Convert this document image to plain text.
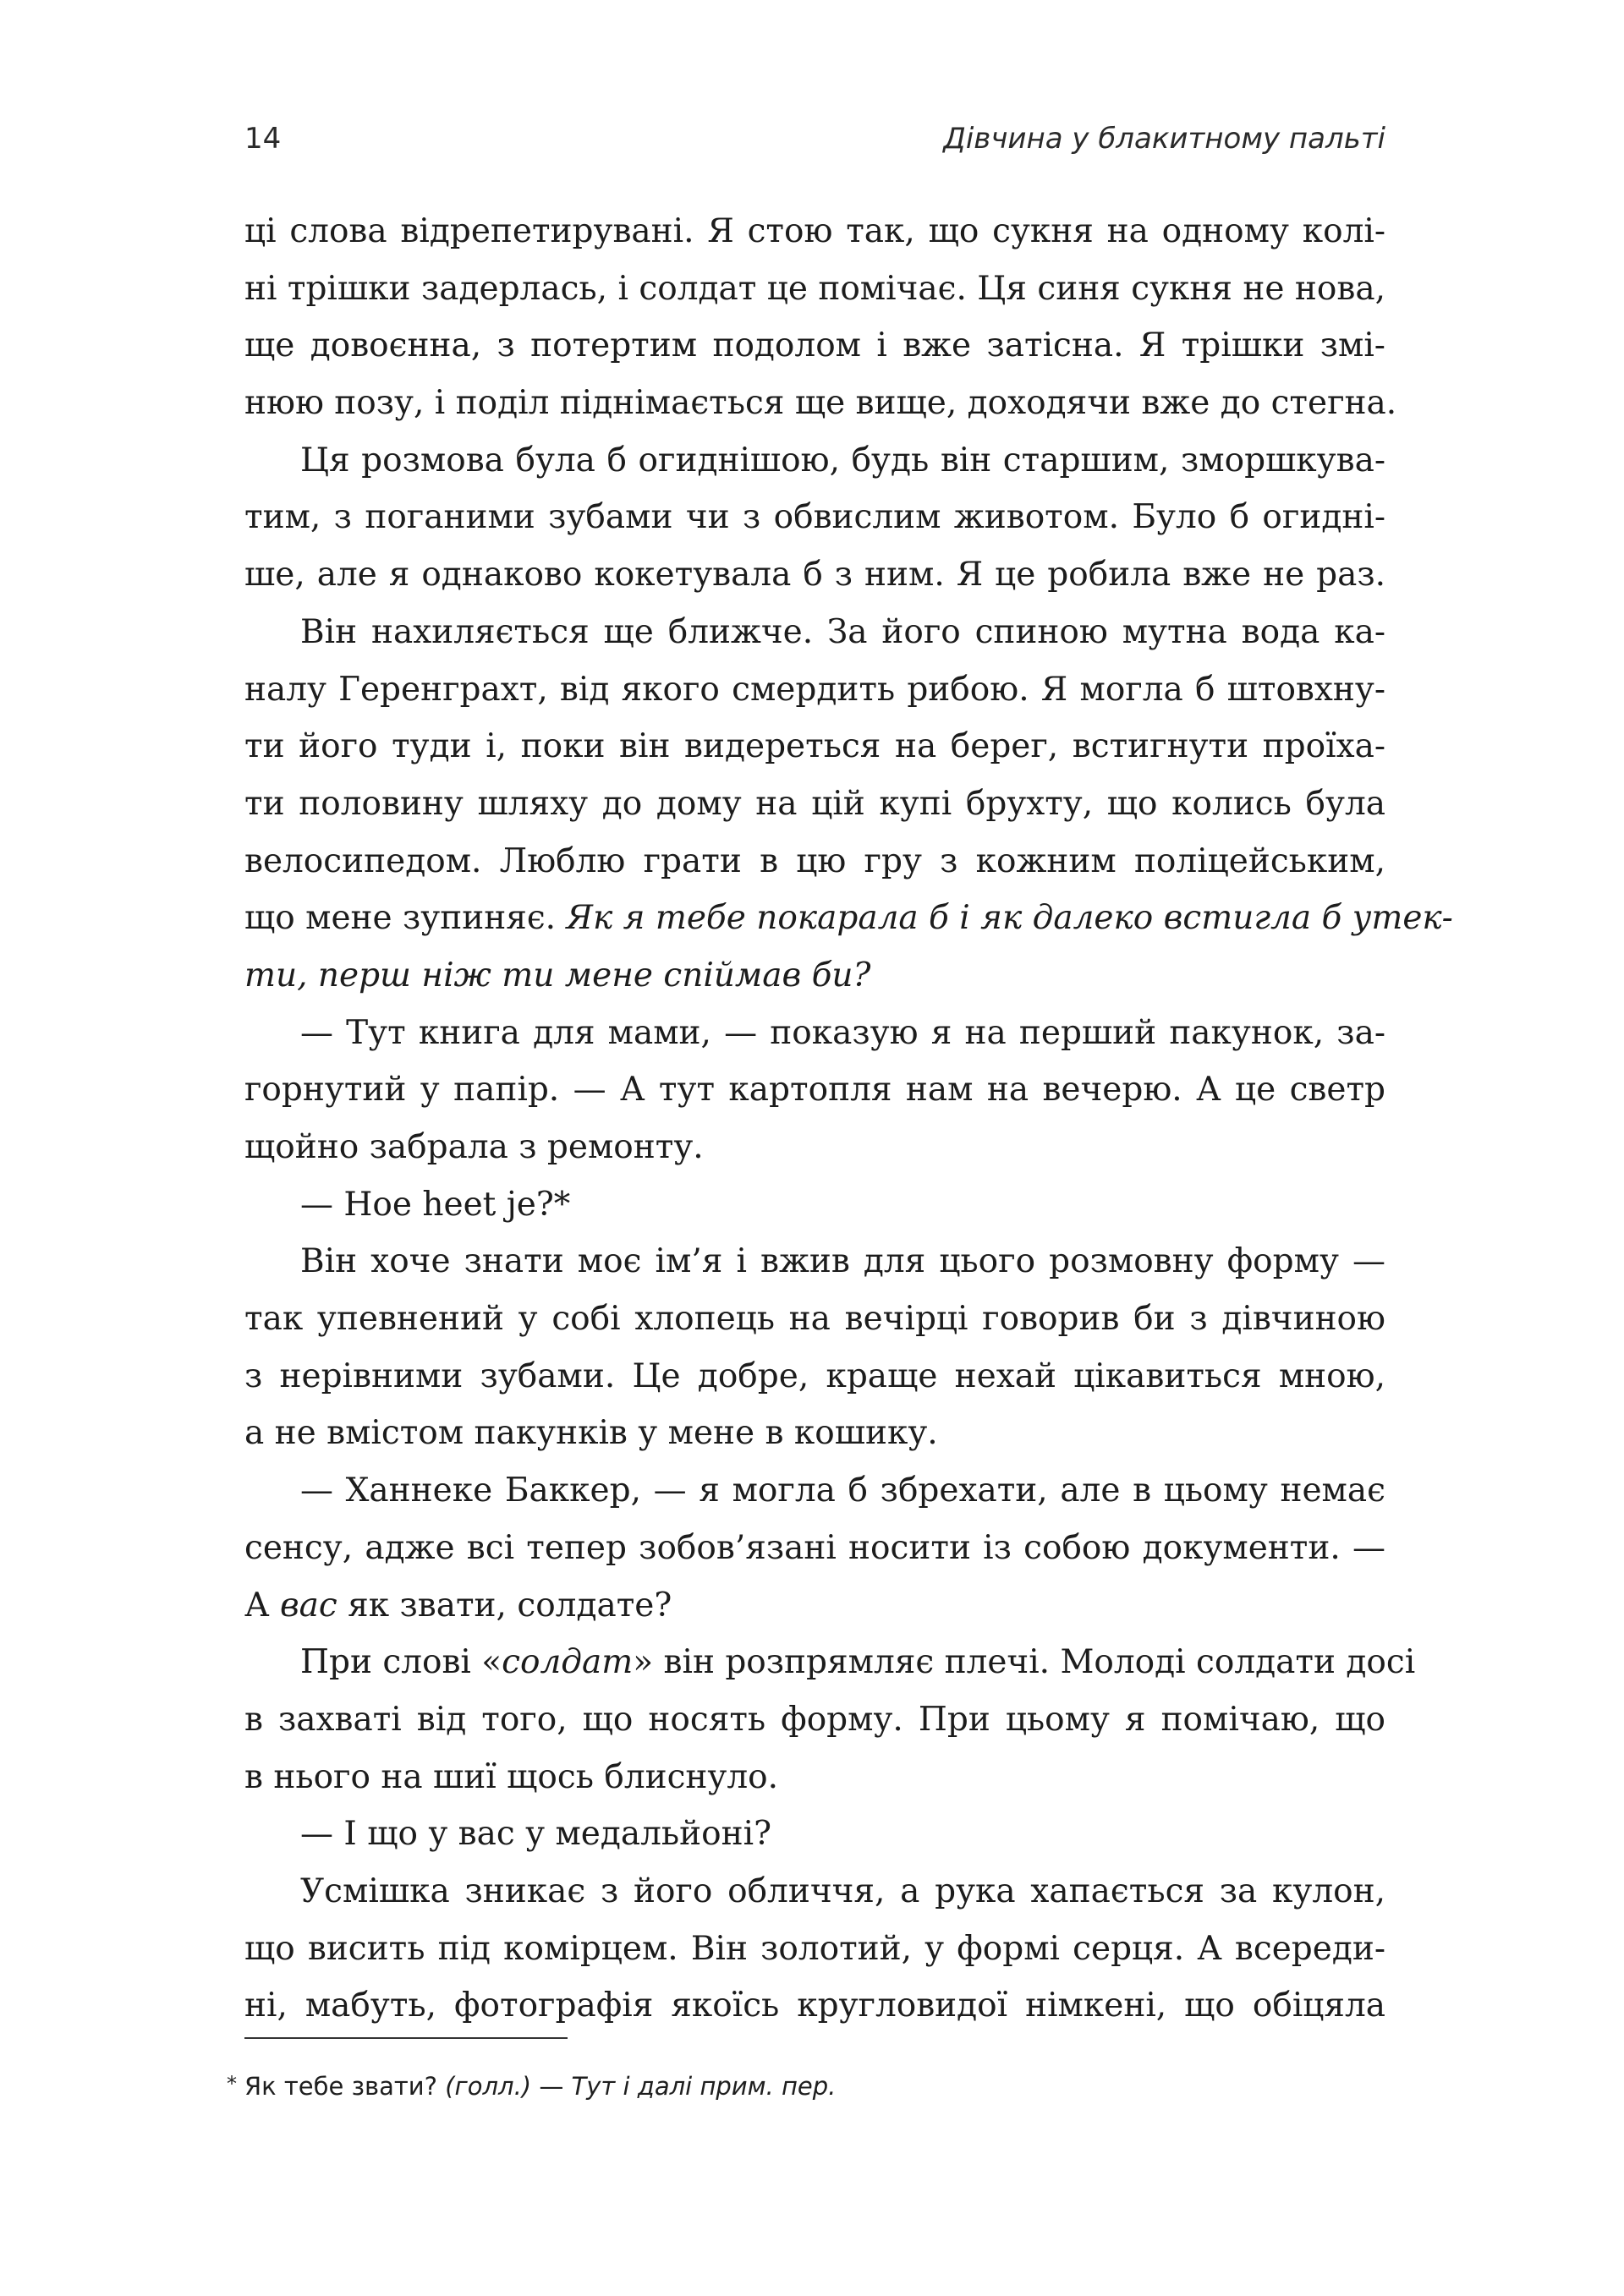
14	Дівчина у блакитному пальті
ці слова відрепетирувані. Я стою так, що сукня на одному колі-
ні трішки задерлась, і солдат це помічає. Ця синя сукня не нова,
ще довоєнна, з потертим подолом і вже затісна. Я трішки змі-
нюю позу, і поділ піднімається ще вище, доходячи вже до стегна.
Ця розмова була б огиднішою, будь він старшим, зморшкува-
тим, з поганими зубами чи з обвислим животом. Було б огидні-
ше, але я однаково кокетувала б з ним. Я це робила вже не раз.
Він нахиляється ще ближче. За його спиною мутна вода ка-
налу Геренграхт, від якого смердить рибою. Я могла б штовхну-
ти його туди і, поки він видереться на берег, встигнути проїха-
ти половину шляху до дому на цій купі брухту, що колись була
велосипедом. Люблю грати в цю гру з кожним поліцейським,
що мене зупиняє. Як я тебе покарала б і як далеко встигла б утек-
ти, перш ніж ти мене спіймав би?
— Тут книга для мами, — показую я на перший пакунок, за-
горнутий у папір. — А тут картопля нам на вечерю. А це светр
щойно забрала з ремонту.
— Hoe heet je?*
Він хоче знати моє ім’я і вжив для цього розмовну форму —
так упевнений у собі хлопець на вечірці говорив би з дівчиною
з нерівними зубами. Це добре, краще нехай цікавиться мною,
а не вмістом пакунків у мене в кошику.
— Ханнеке Баккер, — я могла б збрехати, але в цьому немає
сенсу, адже всі тепер зобов’язані носити із собою документи. —
А вас як звати, солдате?
При слові «солдат» він розпрямляє плечі. Молоді солдати досі
в захваті від того, що носять форму. При цьому я помічаю, що
в нього на шиї щось блиснуло.
— І що у вас у медальйоні?
Усмішка зникає з його обличчя, а рука хапається за кулон,
що висить під комірцем. Він золотий, у формі серця. А всереди-
ні, мабуть, фотографія якоїсь кругловидої німкені, що обіцяла
* Як тебе звати? (голл.) — Тут і далі прим. пер.
